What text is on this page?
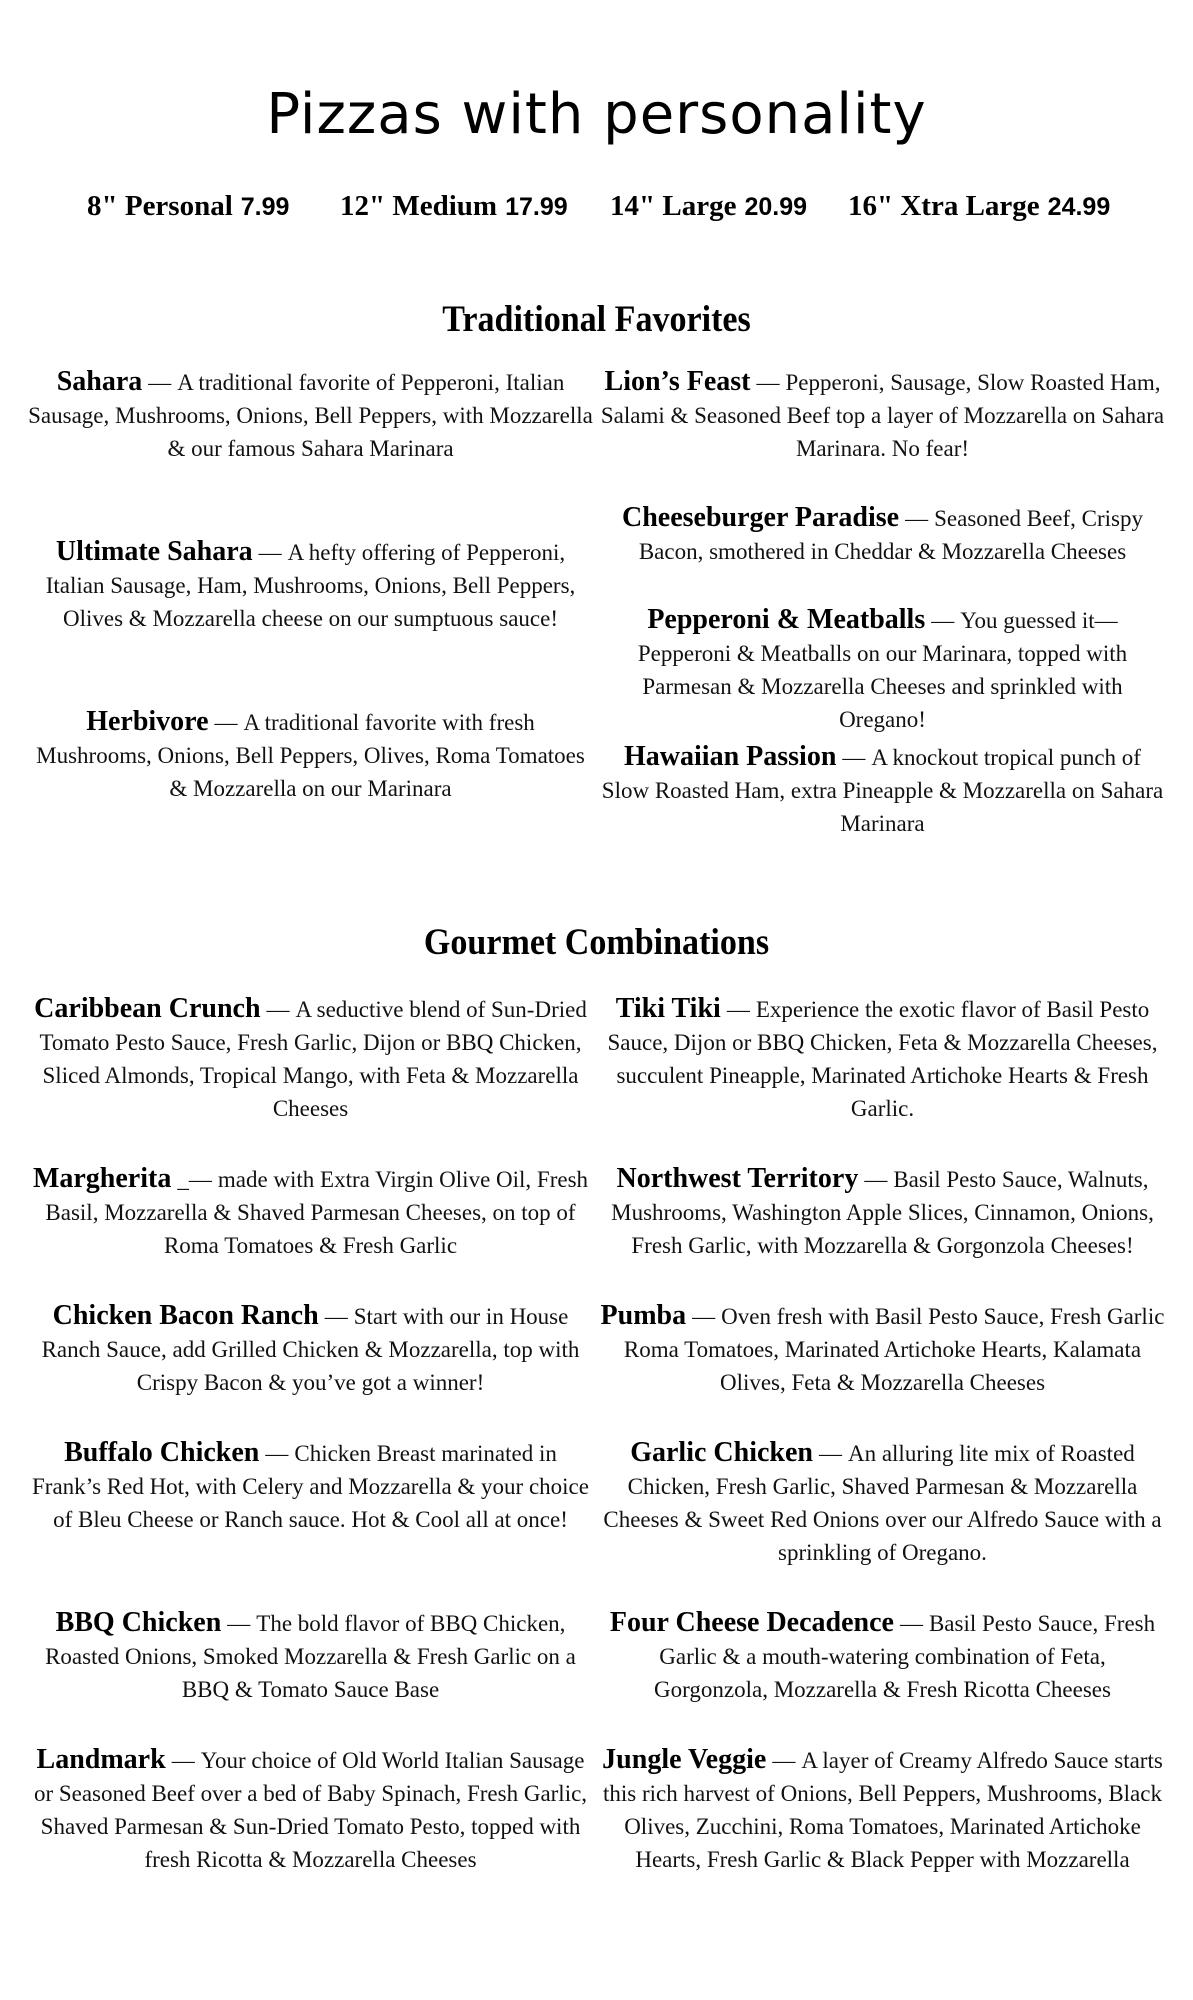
Pizzas with personality
8" Personal 7.99 12" Medium 17.99 14" Large 20.99 16" Xtra Large 24.99
Traditional Favorites
Sahara — A traditional favorite of Pepperoni, Italian Sausage, Mushrooms, Onions, Bell Peppers, with Mozzarella & our famous Sahara Marinara
Ultimate Sahara — A hefty offering of Pepperoni, Italian Sausage, Ham, Mushrooms, Onions, Bell Peppers, Olives & Mozzarella cheese on our sumptuous sauce!
Herbivore — A traditional favorite with fresh Mushrooms, Onions, Bell Peppers, Olives, Roma Tomatoes & Mozzarella on our Marinara
Lion’s Feast — Pepperoni, Sausage, Slow Roasted Ham, Salami & Seasoned Beef top a layer of Mozzarella on Sahara Marinara. No fear!
Cheeseburger Paradise — Seasoned Beef, Crispy Bacon, smothered in Cheddar & Mozzarella Cheeses
Pepperoni & Meatballs — You guessed it— Pepperoni & Meatballs on our Marinara, topped with Parmesan & Mozzarella Cheeses and sprinkled with Oregano!
Hawaiian Passion — A knockout tropical punch of Slow Roasted Ham, extra Pineapple & Mozzarella on Sahara Marinara
Gourmet Combinations
Caribbean Crunch — A seductive blend of Sun-Dried Tomato Pesto Sauce, Fresh Garlic, Dijon or BBQ Chicken, Sliced Almonds, Tropical Mango, with Feta & Mozzarella Cheeses
Margherita _— made with Extra Virgin Olive Oil, Fresh Basil, Mozzarella & Shaved Parmesan Cheeses, on top of Roma Tomatoes & Fresh Garlic
Chicken Bacon Ranch — Start with our in House Ranch Sauce, add Grilled Chicken & Mozzarella, top with Crispy Bacon & you’ve got a winner!
Buffalo Chicken — Chicken Breast marinated in Frank’s Red Hot, with Celery and Mozzarella & your choice of Bleu Cheese or Ranch sauce. Hot & Cool all at once!
BBQ Chicken — The bold flavor of BBQ Chicken, Roasted Onions, Smoked Mozzarella & Fresh Garlic on a BBQ & Tomato Sauce Base
Landmark — Your choice of Old World Italian Sausage or Seasoned Beef over a bed of Baby Spinach, Fresh Garlic, Shaved Parmesan & Sun-Dried Tomato Pesto, topped with fresh Ricotta & Mozzarella Cheeses
Tiki Tiki — Experience the exotic flavor of Basil Pesto Sauce, Dijon or BBQ Chicken, Feta & Mozzarella Cheeses, succulent Pineapple, Marinated Artichoke Hearts & Fresh Garlic.
Northwest Territory — Basil Pesto Sauce, Walnuts, Mushrooms, Washington Apple Slices, Cinnamon, Onions, Fresh Garlic, with Mozzarella & Gorgonzola Cheeses!
Pumba — Oven fresh with Basil Pesto Sauce, Fresh Garlic Roma Tomatoes, Marinated Artichoke Hearts, Kalamata Olives, Feta & Mozzarella Cheeses
Garlic Chicken — An alluring lite mix of Roasted Chicken, Fresh Garlic, Shaved Parmesan & Mozzarella Cheeses & Sweet Red Onions over our Alfredo Sauce with a sprinkling of Oregano.
Four Cheese Decadence — Basil Pesto Sauce, Fresh Garlic & a mouth-watering combination of Feta, Gorgonzola, Mozzarella & Fresh Ricotta Cheeses
Jungle Veggie — A layer of Creamy Alfredo Sauce starts this rich harvest of Onions, Bell Peppers, Mushrooms, Black Olives, Zucchini, Roma Tomatoes, Marinated Artichoke Hearts, Fresh Garlic & Black Pepper with Mozzarella
